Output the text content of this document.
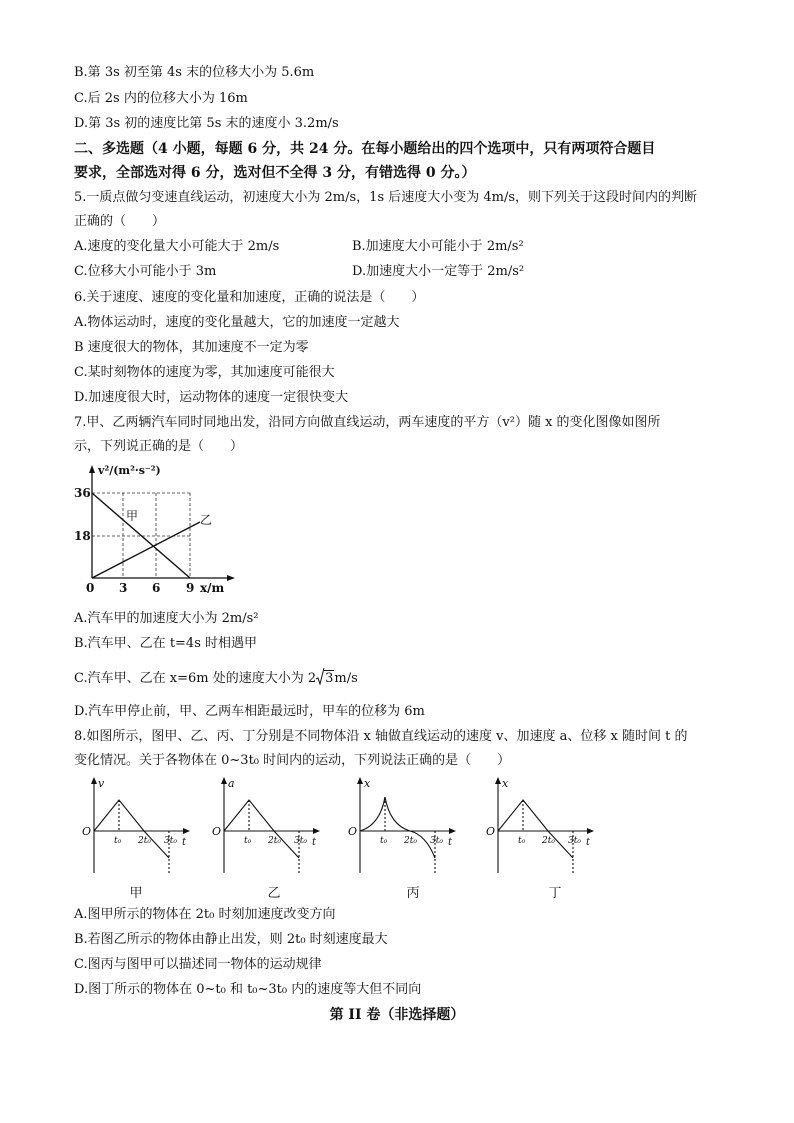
B.第 3s 初至第 4s 末的位移大小为 5.6m
C.后 2s 内的位移大小为 16m
D.第 3s 初的速度比第 5s 末的速度小 3.2m/s
二、多选题（4 小题，每题 6 分，共 24 分。在每小题给出的四个选项中，只有两项符合题目
要求，全部选对得 6 分，选对但不全得 3 分，有错选得 0 分。）
5.一质点做匀变速直线运动，初速度大小为 2m/s，1s 后速度大小变为 4m/s，则下列关于这段时间内的判断
正确的（　　）
A.速度的变化量大小可能大于 2m/s	B.加速度大小可能小于 2m/s²
C.位移大小可能小于 3m	D.加速度大小一定等于 2m/s²
6.关于速度、速度的变化量和加速度，正确的说法是（　　）
A.物体运动时，速度的变化量越大，它的加速度一定越大
B 速度很大的物体，其加速度不一定为零
C.某时刻物体的速度为零，其加速度可能很大
D.加速度很大时，运动物体的速度一定很快变大
7.甲、乙两辆汽车同时同地出发，沿同方向做直线运动，两车速度的平方（v²）随 x 的变化图像如图所
示，下列说正确的是（　　）
v²/(m²·s⁻²)
36
18
0 3 6 9 x/m
甲	乙
A.汽车甲的加速度大小为 2m/s²
B.汽车甲、乙在 t=4s 时相遇甲
C.汽车甲、乙在 x=6m 处的速度大小为 2 3m/s
D.汽车甲停止前，甲、乙两车相距最远时，甲车的位移为 6m
8.如图所示，图甲、乙、丙、丁分别是不同物体沿 x 轴做直线运动的速度 v、加速度 a、位移 x 随时间 t 的
变化情况。关于各物体在 0~3t₀ 时间内的运动，下列说法正确的是（　　）
v
O
t₀ 2t₀ 3t₀ t
甲
a
O
t₀ 2t₀ 3t₀ t
乙
x
O
t₀ 2t₀ 3t₀ t
丙
x
O
t₀ 2t₀ 3t₀ t
丁
A.图甲所示的物体在 2t₀ 时刻加速度改变方向
B.若图乙所示的物体由静止出发，则 2t₀ 时刻速度最大
C.图丙与图甲可以描述同一物体的运动规律
D.图丁所示的物体在 0~t₀ 和 t₀~3t₀ 内的速度等大但不同向
第 II 卷（非选择题）
